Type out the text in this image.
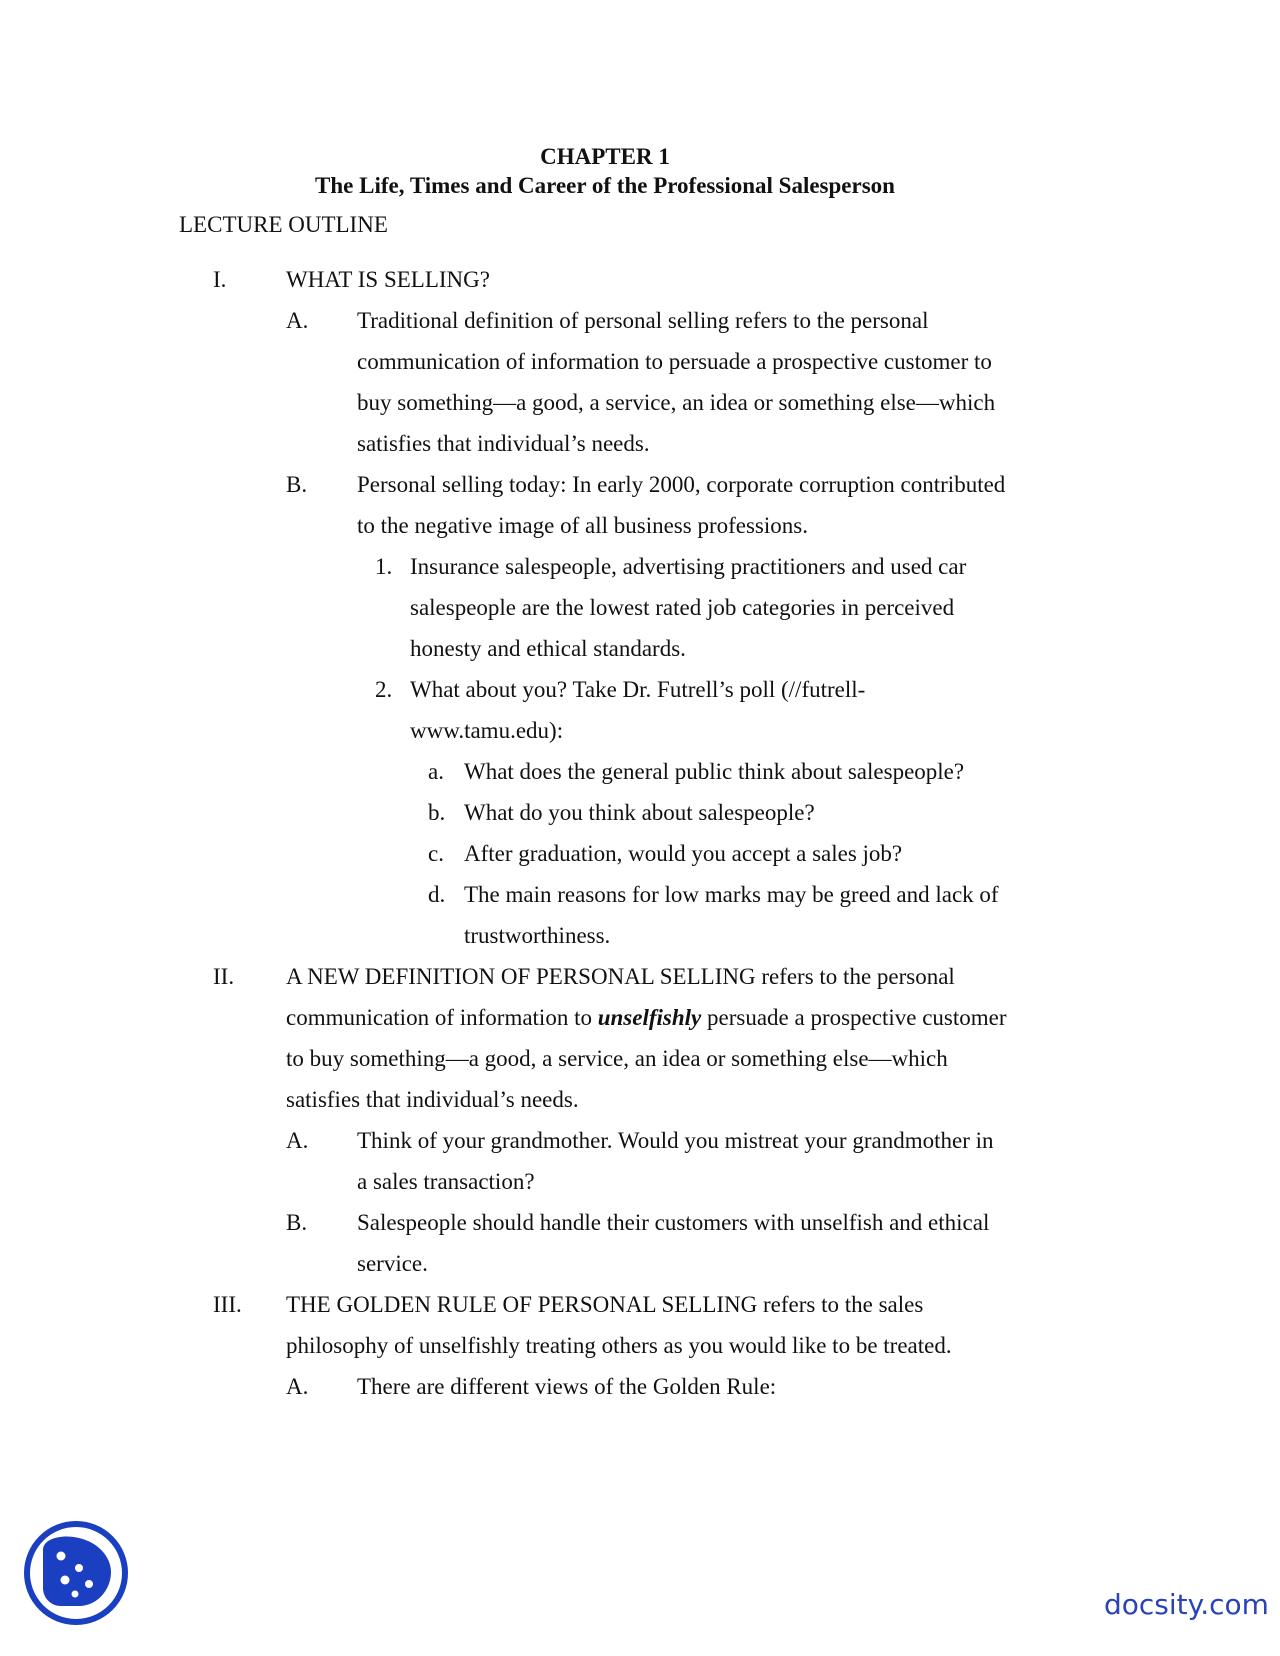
CHAPTER 1
The Life, Times and Career of the Professional Salesperson
LECTURE OUTLINE
I.	WHAT IS SELLING?
A. Traditional definition of personal selling refers to the personal
communication of information to persuade a prospective customer to
buy something—a good, a service, an idea or something else—which
satisfies that individual’s needs.
B. Personal selling today: In early 2000, corporate corruption contributed
to the negative image of all business professions.
1. Insurance salespeople, advertising practitioners and used car
salespeople are the lowest rated job categories in perceived
honesty and ethical standards.
2. What about you? Take Dr. Futrell’s poll (//futrell-
www.tamu.edu):
a. What does the general public think about salespeople?
b. What do you think about salespeople?
c. After graduation, would you accept a sales job?
d. The main reasons for low marks may be greed and lack of
trustworthiness.
II. A NEW DEFINITION OF PERSONAL SELLING refers to the personal
communication of information to unselfishly persuade a prospective customer
to buy something—a good, a service, an idea or something else—which
satisfies that individual’s needs.
A. Think of your grandmother. Would you mistreat your grandmother in
a sales transaction?
B. Salespeople should handle their customers with unselfish and ethical
service.
III. THE GOLDEN RULE OF PERSONAL SELLING refers to the sales
philosophy of unselfishly treating others as you would like to be treated.
A. There are different views of the Golden Rule:
docsity.com
